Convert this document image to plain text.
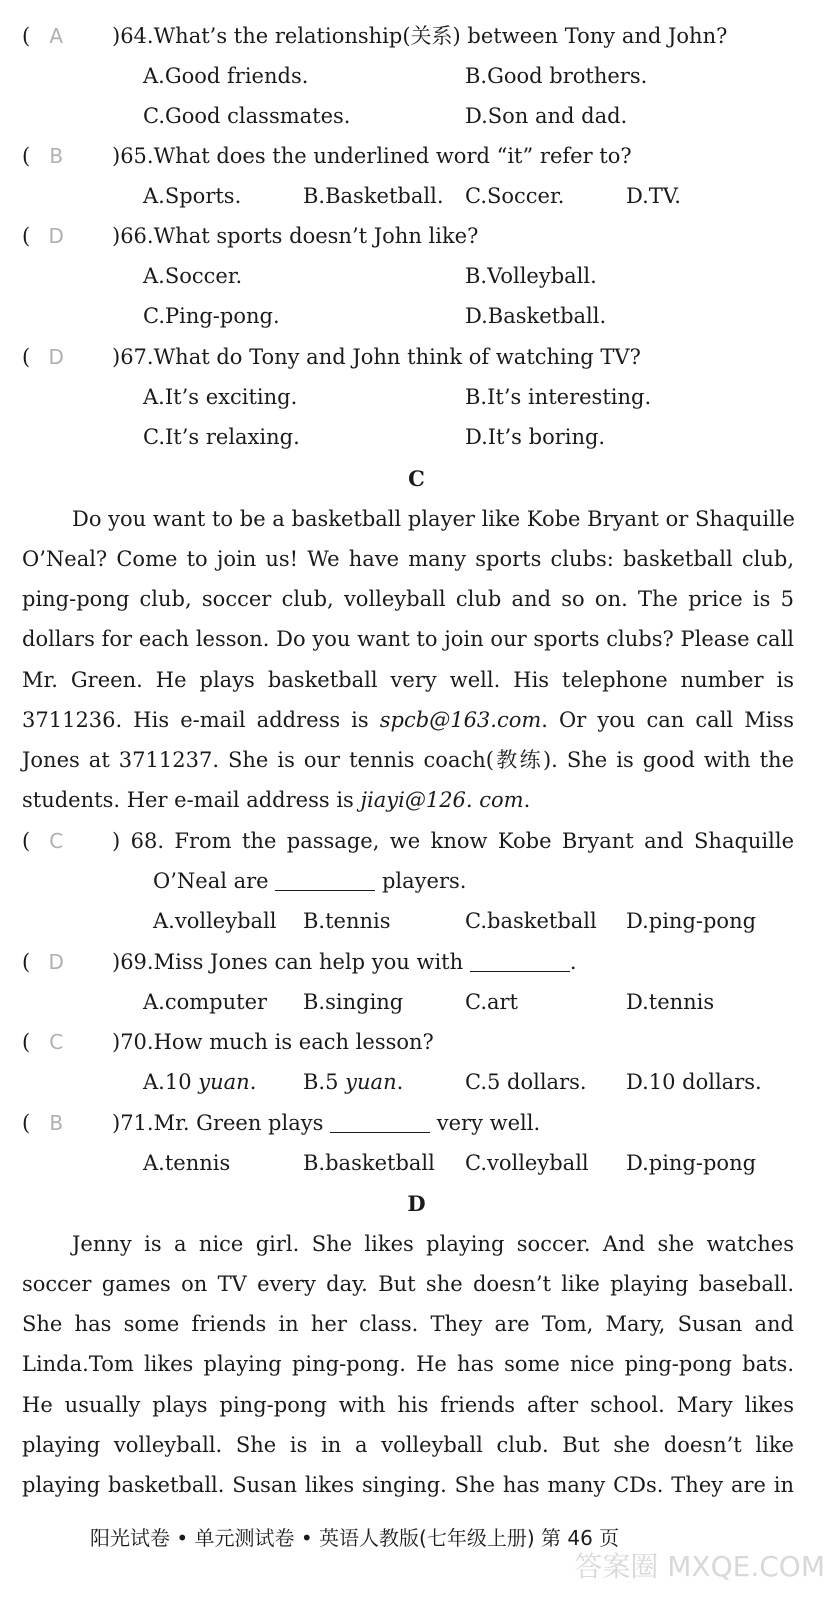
( A	)64.What’s the relationship(关系) between Tony and John?
A.Good friends.	B.Good brothers.
C.Good classmates.	D.Son and dad.
( B	)65.What does the underlined word “it” refer to?
A.Sports.	B.Basketball. C.Soccer.	D.TV.
( D	)66.What sports doesn’t John like?
A.Soccer.	B.Volleyball.
C.Ping-pong.	D.Basketball.
( D	)67.What do Tony and John think of watching TV?
A.It’s exciting.	B.It’s interesting.
C.It’s relaxing.	D.It’s boring.
C
Do you want to be a basketball player like Kobe Bryant or Shaquille
O’Neal? Come to join us! We have many sports clubs: basketball club,
ping-pong club, soccer club, volleyball club and so on. The price is 5
dollars for each lesson. Do you want to join our sports clubs? Please call
Mr. Green. He plays basketball very well. His telephone number is
3711236. His e-mail address is spcb@163.com. Or you can call Miss
Jones at 3711237. She is our tennis coach(教练). She is good with the
students. Her e-mail address is jiayi@126. com.
( C	) 68. From the passage, we know Kobe Bryant and Shaquille
O’Neal are	players.
A.volleyball B.tennis	C.basketball D.ping-pong
( D	)69.Miss Jones can help you with	.
A.computer B.singing	C.art	D.tennis
( C	)70.How much is each lesson?
A.10 yuan. B.5 yuan.	C.5 dollars. D.10 dollars.
( B	)71.Mr. Green plays	very well.
A.tennis	B.basketball C.volleyball D.ping-pong
D
Jenny is a nice girl. She likes playing soccer. And she watches
soccer games on TV every day. But she doesn’t like playing baseball.
She has some friends in her class. They are Tom, Mary, Susan and
Linda.Tom likes playing ping-pong. He has some nice ping-pong bats.
He usually plays ping-pong with his friends after school. Mary likes
playing volleyball. She is in a volleyball club. But she doesn’t like
playing basketball. Susan likes singing. She has many CDs. They are in
阳光试卷 • 单元测试卷 • 英语人教版(七年级上册) 第 46 页
答案圈 MXQE.COM
